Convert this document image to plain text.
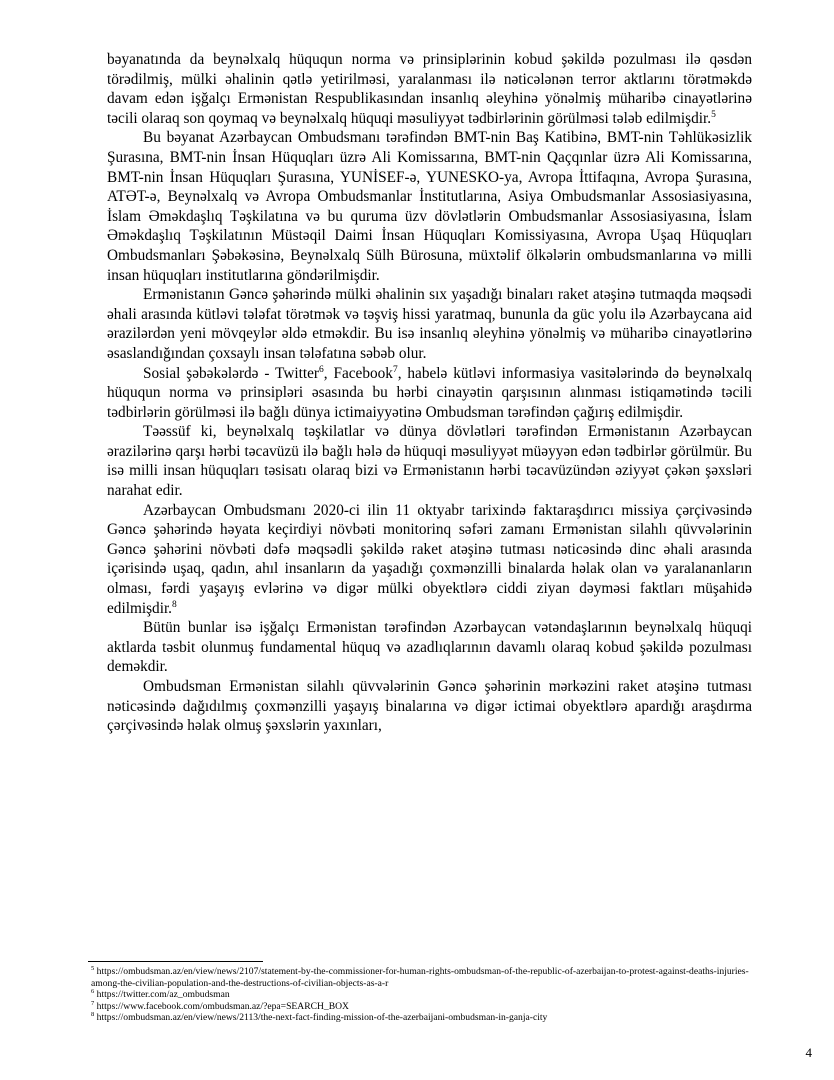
bəyanatında da beynəlxalq hüququn norma və prinsiplərinin kobud şəkildə pozulması ilə qəsdən törədilmiş, mülki əhalinin qətlə yetirilməsi, yaralanması ilə nəticələnən terror aktlarını törətməkdə davam edən işğalçı Ermənistan Respublikasından insanlıq əleyhinə yönəlmiş müharibə cinayətlərinə təcili olaraq son qoymaq və beynəlxalq hüquqi məsuliyyət tədbirlərinin görülməsi tələb edilmişdir.$^5$

Bu bəyanat Azərbaycan Ombudsmanı tərəfindən BMT-nin Baş Katibinə, BMT-nin Təhlükəsizlik Şurasına, BMT-nin İnsan Hüquqları üzrə Ali Komissarına, BMT-nin Qaçqınlar üzrə Ali Komissarına, BMT-nin İnsan Hüquqları Şurasına, YUNİSEF-ə, YUNESKO-ya, Avropa İttifaqına, Avropa Şurasına, ATƏT-ə, Beynəlxalq və Avropa Ombudsmanlar İnstitutlarına, Asiya Ombudsmanlar Assosiasiyasına, İslam Əməkdaşlıq Təşkilatına və bu quruma üzv dövlətlərin Ombudsmanlar Assosiasiyasına, İslam Əməkdaşlıq Təşkilatının Müstəqil Daimi İnsan Hüquqları Komissiyasına, Avropa Uşaq Hüquqları Ombudsmanları Şəbəkəsinə, Beynəlxalq Sülh Bürosuna, müxtəlif ölkələrin ombudsmanlarına və milli insan hüquqları institutlarına göndərilmişdir.

Ermənistanın Gəncə şəhərində mülki əhalinin sıx yaşadığı binaları raket atəşinə tutmaqda məqsədi əhali arasında kütləvi tələfat törətmək və təşviş hissi yaratmaq, bununla da güc yolu ilə Azərbaycana aid ərazilərdən yeni mövqeylər əldə etməkdir. Bu isə insanlıq əleyhinə yönəlmiş və müharibə cinayətlərinə əsaslandığından çoxsaylı insan tələfatına səbəb olur.

Sosial şəbəkələrdə - Twitter$^6$, Facebook$^7$, habelə kütləvi informasiya vasitələrində də beynəlxalq hüququn norma və prinsipləri əsasında bu hərbi cinayətin qarşısının alınması istiqamətində təcili tədbirlərin görülməsi ilə bağlı dünya ictimaiyyətinə Ombudsman tərəfindən çağırış edilmişdir.

Təəssüf ki, beynəlxalq təşkilatlar və dünya dövlətləri tərəfindən Ermənistanın Azərbaycan ərazilərinə qarşı hərbi təcavüzü ilə bağlı hələ də hüquqi məsuliyyət müəyyən edən tədbirlər görülmür. Bu isə milli insan hüquqları təsisatı olaraq bizi və Ermənistanın hərbi təcavüzündən əziyyət çəkən şəxsləri narahat edir.

Azərbaycan Ombudsmanı 2020-ci ilin 11 oktyabr tarixində faktaraşdırıcı missiya çərçivəsində Gəncə şəhərində həyata keçirdiyi növbəti monitorinq səfəri zamanı Ermənistan silahlı qüvvələrinin Gəncə şəhərini növbəti dəfə məqsədli şəkildə raket atəşinə tutması nəticəsində dinc əhali arasında içərisində uşaq, qadın, ahıl insanların da yaşadığı çoxmənzilli binalarda həlak olan və yaralananların olması, fərdi yaşayış evlərinə və digər mülki obyektlərə ciddi ziyan dəyməsi faktları müşahidə edilmişdir.$^8$

Bütün bunlar isə işğalçı Ermənistan tərəfindən Azərbaycan vətəndaşlarının beynəlxalq hüquqi aktlarda təsbit olunmuş fundamental hüquq və azadlıqlarının davamlı olaraq kobud şəkildə pozulması deməkdir.

Ombudsman Ermənistan silahlı qüvvələrinin Gəncə şəhərinin mərkəzini raket atəşinə tutması nəticəsində dağıdılmış çoxmənzilli yaşayış binalarına və digər ictimai obyektlərə apardığı araşdırma çərçivəsində həlak olmuş şəxslərin yaxınları,

$^5$ https://ombudsman.az/en/view/news/2107/statement-by-the-commissioner-for-human-rights-ombudsman-of-the-republic-of-azerbaijan-to-protest-against-deaths-injuries-among-the-civilian-population-and-the-destructions-of-civilian-objects-as-a-r

$^6$ https://twitter.com/az_ombudsman

$^7$ https://www.facebook.com/ombudsman.az/?epa=SEARCH_BOX

$^8$ https://ombudsman.az/en/view/news/2113/the-next-fact-finding-mission-of-the-azerbaijani-ombudsman-in-ganja-city

4
